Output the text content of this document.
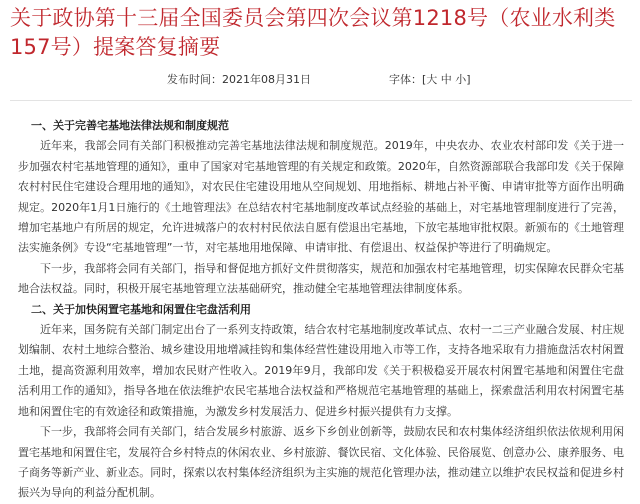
关于政协第十三届全国委员会第四次会议第1218号（农业水利类157号）提案答复摘要
发布时间：2021年08月31日	字体：[大 中 小]
一、关于完善宅基地法律法规和制度规范

近年来，我部会同有关部门积极推动完善宅基地法律法规和制度规范。2019年，中央农办、农业农村部印发《关于进一步加强农村宅基地管理的通知》，重申了国家对宅基地管理的有关规定和政策。2020年，自然资源部联合我部印发《关于保障农村村民住宅建设合理用地的通知》，对农民住宅建设用地从空间规划、用地指标、耕地占补平衡、申请审批等方面作出明确规定。2020年1月1日施行的《土地管理法》在总结农村宅基地制度改革试点经验的基础上，对宅基地管理制度进行了完善，增加宅基地户有所居的规定，允许进城落户的农村村民依法自愿有偿退出宅基地，下放宅基地审批权限。新颁布的《土地管理法实施条例》专设“宅基地管理”一节，对宅基地用地保障、申请审批、有偿退出、权益保护等进行了明确规定。

下一步，我部将会同有关部门，指导和督促地方抓好文件贯彻落实，规范和加强农村宅基地管理，切实保障农民群众宅基地合法权益。同时，积极开展宅基地管理立法基础研究，推动健全宅基地管理法律制度体系。

二、关于加快闲置宅基地和闲置住宅盘活利用

近年来，国务院有关部门制定出台了一系列支持政策，结合农村宅基地制度改革试点、农村一二三产业融合发展、村庄规划编制、农村土地综合整治、城乡建设用地增减挂钩和集体经营性建设用地入市等工作，支持各地采取有力措施盘活农村闲置土地，提高资源利用效率，增加农民财产性收入。2019年9月，我部印发《关于积极稳妥开展农村闲置宅基地和闲置住宅盘活利用工作的通知》，指导各地在依法维护农民宅基地合法权益和严格规范宅基地管理的基础上，探索盘活利用农村闲置宅基地和闲置住宅的有效途径和政策措施，为激发乡村发展活力、促进乡村振兴提供有力支撑。

下一步，我部将会同有关部门，结合发展乡村旅游、返乡下乡创业创新等，鼓励农民和农村集体经济组织依法依规利用闲置宅基地和闲置住宅，发展符合乡村特点的休闲农业、乡村旅游、餐饮民宿、文化体验、民俗展览、创意办公、康养服务、电子商务等新产业、新业态。同时，探索以农村集体经济组织为主实施的规范化管理办法，推动建立以维护农民权益和促进乡村振兴为导向的利益分配机制。
